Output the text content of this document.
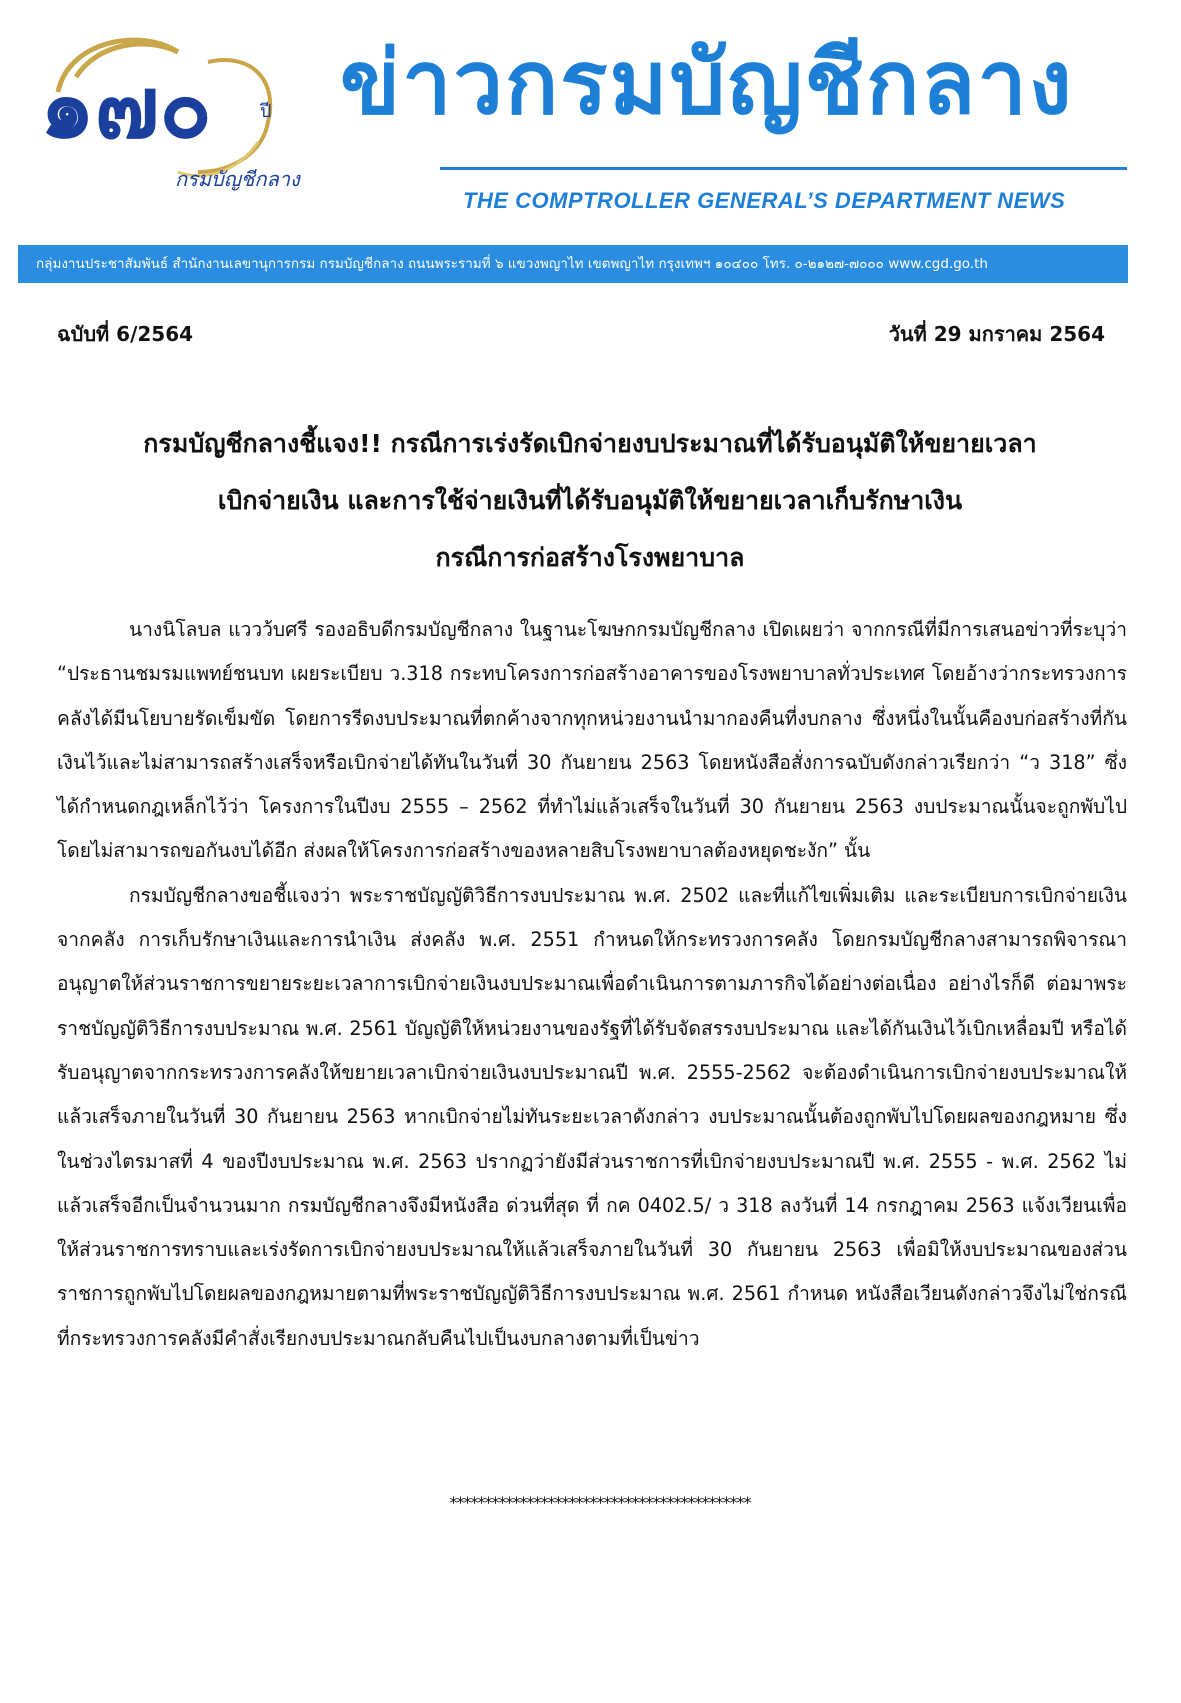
๑๗๐	ปี
กรมบัญชีกลาง
ข่าวกรมบัญชีกลาง
THE COMPTROLLER GENERAL’S DEPARTMENT NEWS
กลุ่มงานประชาสัมพันธ์ สำนักงานเลขานุการกรม กรมบัญชีกลาง ถนนพระรามที่ ๖ แขวงพญาไท เขตพญาไท กรุงเทพฯ ๑๐๔๐๐ โทร. ๐-๒๑๒๗-๗๐๐๐ www.cgd.go.th
ฉบับที่ 6/2564	วันที่ 29 มกราคม 2564
กรมบัญชีกลางชี้แจง!! กรณีการเร่งรัดเบิกจ่ายงบประมาณที่ได้รับอนุมัติให้ขยายเวลา
เบิกจ่ายเงิน และการใช้จ่ายเงินที่ได้รับอนุมัติให้ขยายเวลาเก็บรักษาเงิน
กรณีการก่อสร้างโรงพยาบาล

นางนิโลบล แววว้บศรี รองอธิบดีกรมบัญชีกลาง ในฐานะโฆษกกรมบัญชีกลาง เปิดเผยว่า จากกรณีที่มีการเสนอข่าวที่ระบุว่า “ประธานชมรมแพทย์ชนบท เผยระเบียบ ว.318 กระทบโครงการก่อสร้างอาคารของโรงพยาบาลทั่วประเทศ โดยอ้างว่ากระทรวงการคลังได้มีนโยบายรัดเข็มขัด โดยการรีดงบประมาณที่ตกค้างจากทุกหน่วยงานนำมากองคืนที่งบกลาง ซึ่งหนึ่งในนั้นคืองบก่อสร้างที่กันเงินไว้และไม่สามารถสร้างเสร็จหรือเบิกจ่ายได้ทันในวันที่ 30 กันยายน 2563 โดยหนังสือสั่งการฉบับดังกล่าวเรียกว่า “ว 318” ซึ่งได้กำหนดกฎเหล็กไว้ว่า โครงการในปีงบ 2555 – 2562 ที่ทำไม่แล้วเสร็จในวันที่ 30 กันยายน 2563 งบประมาณนั้นจะถูกพับไป โดยไม่สามารถขอกันงบได้อีก ส่งผลให้โครงการก่อสร้างของหลายสิบโรงพยาบาลต้องหยุดชะงัก” นั้น

กรมบัญชีกลางขอชี้แจงว่า พระราชบัญญัติวิธีการงบประมาณ พ.ศ. 2502 และที่แก้ไขเพิ่มเติม และระเบียบการเบิกจ่ายเงินจากคลัง การเก็บรักษาเงินและการนำเงิน ส่งคลัง พ.ศ. 2551 กำหนดให้กระทรวงการคลัง โดยกรมบัญชีกลางสามารถพิจารณาอนุญาตให้ส่วนราชการขยายระยะเวลาการเบิกจ่ายเงินงบประมาณเพื่อดำเนินการตามภารกิจได้อย่างต่อเนื่อง อย่างไรก็ดี ต่อมาพระราชบัญญัติวิธีการงบประมาณ พ.ศ. 2561 บัญญัติให้หน่วยงานของรัฐที่ได้รับจัดสรรงบประมาณ และได้กันเงินไว้เบิกเหลื่อมปี หรือได้รับอนุญาตจากกระทรวงการคลังให้ขยายเวลาเบิกจ่ายเงินงบประมาณปี พ.ศ. 2555-2562 จะต้องดำเนินการเบิกจ่ายงบประมาณให้แล้วเสร็จภายในวันที่ 30 กันยายน 2563 หากเบิกจ่ายไม่ทันระยะเวลาดังกล่าว งบประมาณนั้นต้องถูกพับไปโดยผลของกฎหมาย ซึ่งในช่วงไตรมาสที่ 4 ของปีงบประมาณ พ.ศ. 2563 ปรากฏว่ายังมีส่วนราชการที่เบิกจ่ายงบประมาณปี พ.ศ. 2555 - พ.ศ. 2562 ไม่แล้วเสร็จอีกเป็นจำนวนมาก กรมบัญชีกลางจึงมีหนังสือ ด่วนที่สุด ที่ กค 0402.5/ ว 318 ลงวันที่ 14 กรกฎาคม 2563 แจ้งเวียนเพื่อให้ส่วนราชการทราบและเร่งรัดการเบิกจ่ายงบประมาณให้แล้วเสร็จภายในวันที่ 30 กันยายน 2563 เพื่อมิให้งบประมาณของส่วนราชการถูกพับไปโดยผลของกฎหมายตามที่พระราชบัญญัติวิธีการงบประมาณ พ.ศ. 2561 กำหนด หนังสือเวียนดังกล่าวจึงไม่ใช่กรณีที่กระทรวงการคลังมีคำสั่งเรียกงบประมาณกลับคืนไปเป็นงบกลางตามที่เป็นข่าว

*******************************************
